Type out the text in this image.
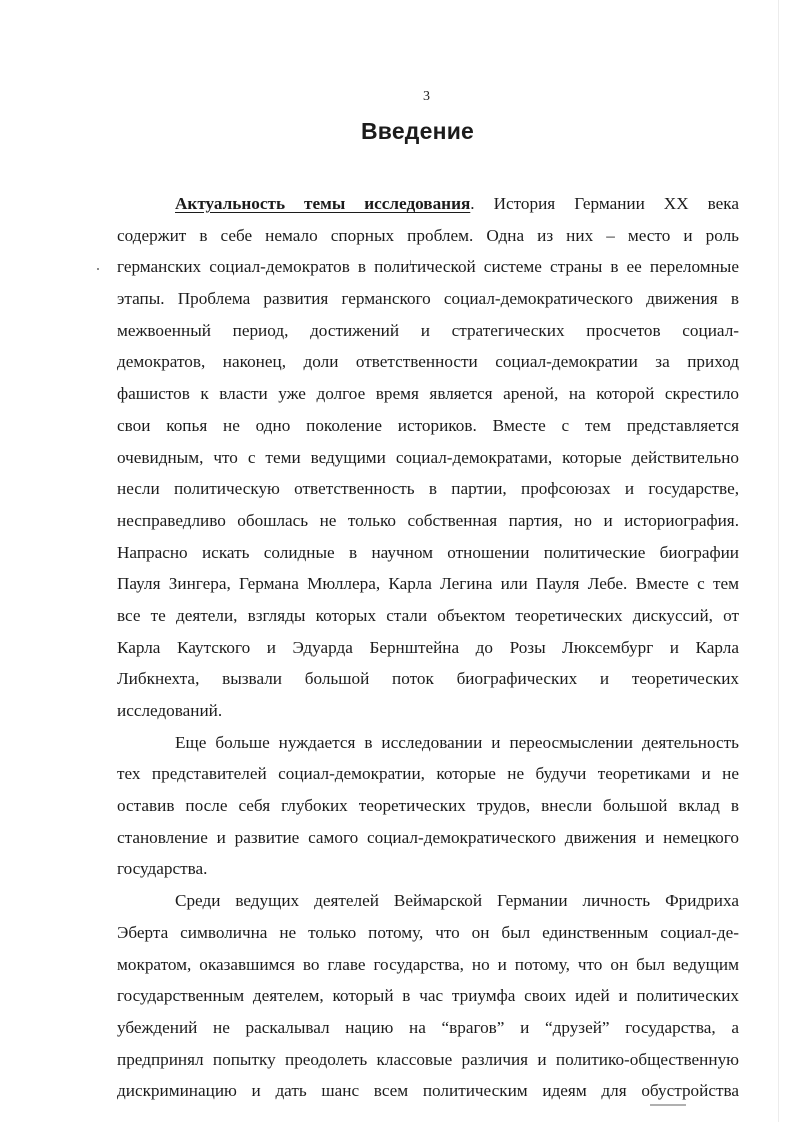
3
Введение
Актуальность темы исследования. История Германии XX века
содержит в себе немало спорных проблем. Одна из них – место и роль
германских социал-демократов в политической системе страны в ее переломные
этапы. Проблема развития германского социал-демократического движения в
межвоенный период, достижений и стратегических просчетов социал-
демократов, наконец, доли ответственности социал-демократии за приход
фашистов к власти уже долгое время является ареной, на которой скрестило
свои копья не одно поколение историков. Вместе с тем представляется
очевидным, что с теми ведущими социал-демократами, которые действительно
несли политическую ответственность в партии, профсоюзах и государстве,
несправедливо обошлась не только собственная партия, но и историография.
Напрасно искать солидные в научном отношении политические биографии
Пауля Зингера, Германа Мюллера, Карла Легина или Пауля Лебе. Вместе с тем
все те деятели, взгляды которых стали объектом теоретических дискуссий, от
Карла Каутского и Эдуарда Бернштейна до Розы Люксембург и Карла
Либкнехта, вызвали большой поток биографических и теоретических
исследований.
Еще больше нуждается в исследовании и переосмыслении деятельность
тех представителей социал-демократии, которые не будучи теоретиками и не
оставив после себя глубоких теоретических трудов, внесли большой вклад в
становление и развитие самого социал-демократического движения и немецкого
государства.
Среди ведущих деятелей Веймарской Германии личность Фридриха
Эберта символична не только потому, что он был единственным социал-де-
мократом, оказавшимся во главе государства, но и потому, что он был ведущим
государственным деятелем, который в час триумфа своих идей и политических
убеждений не раскалывал нацию на “врагов” и “друзей” государства, а
предпринял попытку преодолеть классовые различия и политико-общественную
дискриминацию и дать шанс всем политическим идеям для обустройства
